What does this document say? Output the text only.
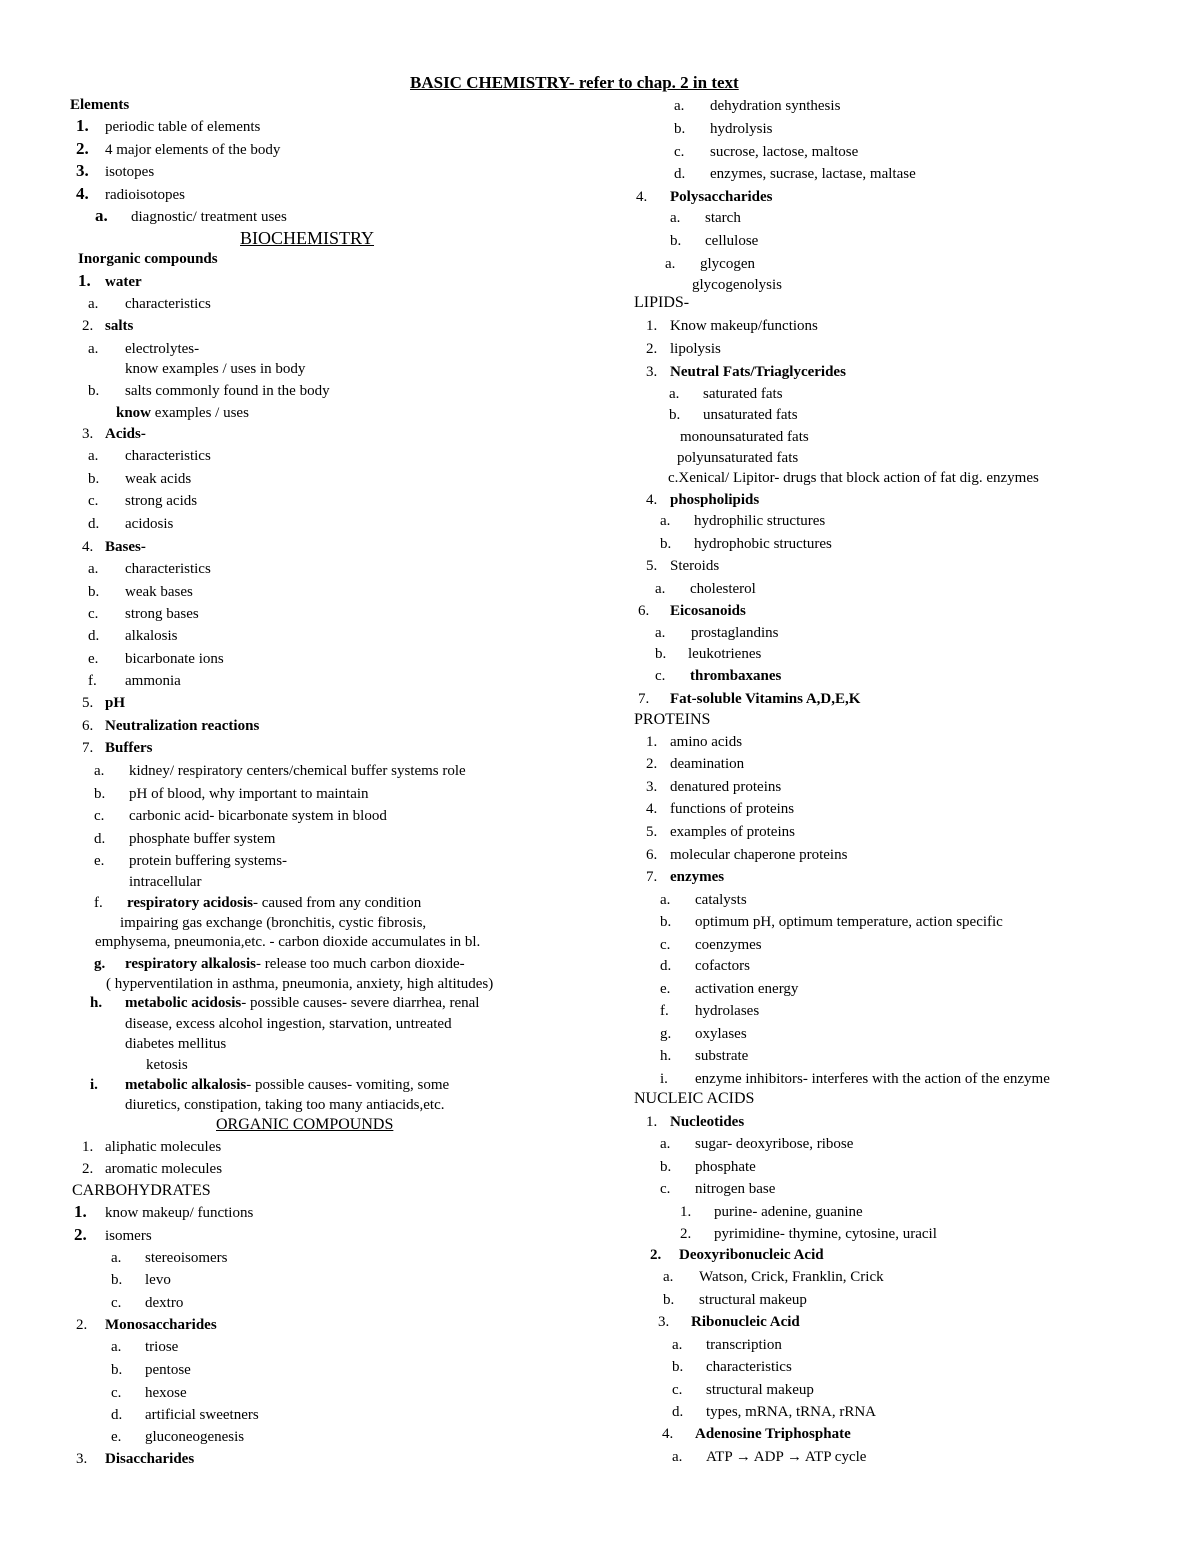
BASIC CHEMISTRY- refer to chap. 2 in text
Elements
1. periodic table of elements
2. 4 major elements of the body
3. isotopes
4. radioisotopes
a. diagnostic/ treatment uses
BIOCHEMISTRY
Inorganic compounds
1. water
a. characteristics
2. salts
a. electrolytes-
know examples / uses in body
b. salts commonly found in the body
know examples / uses
3. Acids-
a. characteristics
b. weak acids
c. strong acids
d. acidosis
4. Bases-
a. characteristics
b. weak bases
c. strong bases
d. alkalosis
e. bicarbonate ions
f. ammonia
5. pH
6. Neutralization reactions
7. Buffers
a. kidney/ respiratory centers/chemical buffer systems role
b. pH of blood, why important to maintain
c. carbonic acid- bicarbonate system in blood
d. phosphate buffer system
e. protein buffering systems-
intracellular
f. respiratory acidosis- caused from any condition
impairing gas exchange (bronchitis, cystic fibrosis,
emphysema, pneumonia,etc. - carbon dioxide accumulates in bl.
g. respiratory alkalosis- release too much carbon dioxide-
( hyperventilation in asthma, pneumonia, anxiety, high altitudes)
h. metabolic acidosis- possible causes- severe diarrhea, renal
disease, excess alcohol ingestion, starvation, untreated
diabetes mellitus
ketosis
i. metabolic alkalosis- possible causes- vomiting, some
diuretics, constipation, taking too many antiacids,etc.
ORGANIC COMPOUNDS
1. aliphatic molecules
2. aromatic molecules
CARBOHYDRATES
1. know makeup/ functions
2. isomers
a. stereoisomers
b. levo
c. dextro
2. Monosaccharides
a. triose
b. pentose
c. hexose
d. artificial sweetners
e. gluconeogenesis
3. Disaccharides
a. dehydration synthesis
b. hydrolysis
c. sucrose, lactose, maltose
d. enzymes, sucrase, lactase, maltase
4. Polysaccharides
a. starch
b. cellulose
a. glycogen
glycogenolysis
LIPIDS-
1. Know makeup/functions
2. lipolysis
3. Neutral Fats/Triaglycerides
a. saturated fats
b. unsaturated fats
monounsaturated fats
polyunsaturated fats
c.Xenical/ Lipitor- drugs that block action of fat dig. enzymes
4. phospholipids
a. hydrophilic structures
b. hydrophobic structures
5. Steroids
a. cholesterol
6. Eicosanoids
a. prostaglandins
b. leukotrienes
c. thrombaxanes
7. Fat-soluble Vitamins A,D,E,K
PROTEINS
1. amino acids
2. deamination
3. denatured proteins
4. functions of proteins
5. examples of proteins
6. molecular chaperone proteins
7. enzymes
a. catalysts
b. optimum pH, optimum temperature, action specific
c. coenzymes
d. cofactors
e. activation energy
f. hydrolases
g. oxylases
h. substrate
i. enzyme inhibitors- interferes with the action of the enzyme
NUCLEIC ACIDS
1. Nucleotides
a. sugar- deoxyribose, ribose
b. phosphate
c. nitrogen base
1. purine- adenine, guanine
2. pyrimidine- thymine, cytosine, uracil
2. Deoxyribonucleic Acid
a. Watson, Crick, Franklin, Crick
b. structural makeup
3. Ribonucleic Acid
a. transcription
b. characteristics
c. structural makeup
d. types, mRNA, tRNA, rRNA
4. Adenosine Triphosphate
a. ATP → ADP → ATP cycle
